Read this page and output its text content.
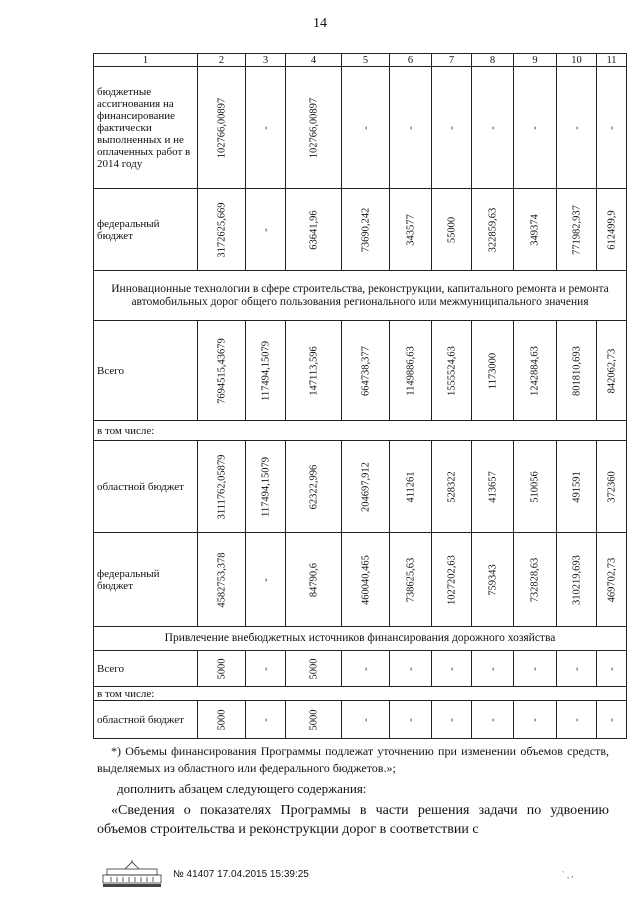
14
1	2	3	4	5	6	7	8	9	10	11
бюджетные ассигнования на финансирование фактически выполненных и не оплаченных работ в 2014 году	102766,00897	-	102766,00897	-	-	-	-	-	-	-

федеральный бюджет	3172625,669	-	63641,96	73690,242	343577	55000	322859,63	349374	771982,937	612499,9

Инновационные технологии в сфере строительства, реконструкции, капитального ремонта и ремонта автомобильных дорог общего пользования регионального или межмуниципального значения										
Всего	7694515,43679	117494,15079	147113,596	664738,377	1149886,63	1555524,63	1173000	1242884,63	801810,693	842062,73

в том числе:										
областной бюджет	3111762,05879	117494,15079	62322,996	204697,912	411261	528322	413657	510056	491591	372360

федеральный бюджет	4582753,378	-	84790,6	460040,465	738625,63	1027202,63	759343	732828,63	310219,693	469702,73

Привлечение внебюджетных источников финансирования дорожного хозяйства										
Всего	5000	-	5000	-	-	-	-	-	-	-

в том числе:										
областной бюджет	5000	-	5000	-	-	-	-	-	-	-

*) Объемы финансирования Программы подлежат уточнению при изменении объемов средств, выделяемых из областного или федерального бюджетов.»;

дополнить абзацем следующего содержания:

«Сведения о показателях Программы в части решения задачи по удвоению объемов строительства и реконструкции дорог в соответствии с

№ 41407 17.04.2015 15:39:25	` ¸ ,
